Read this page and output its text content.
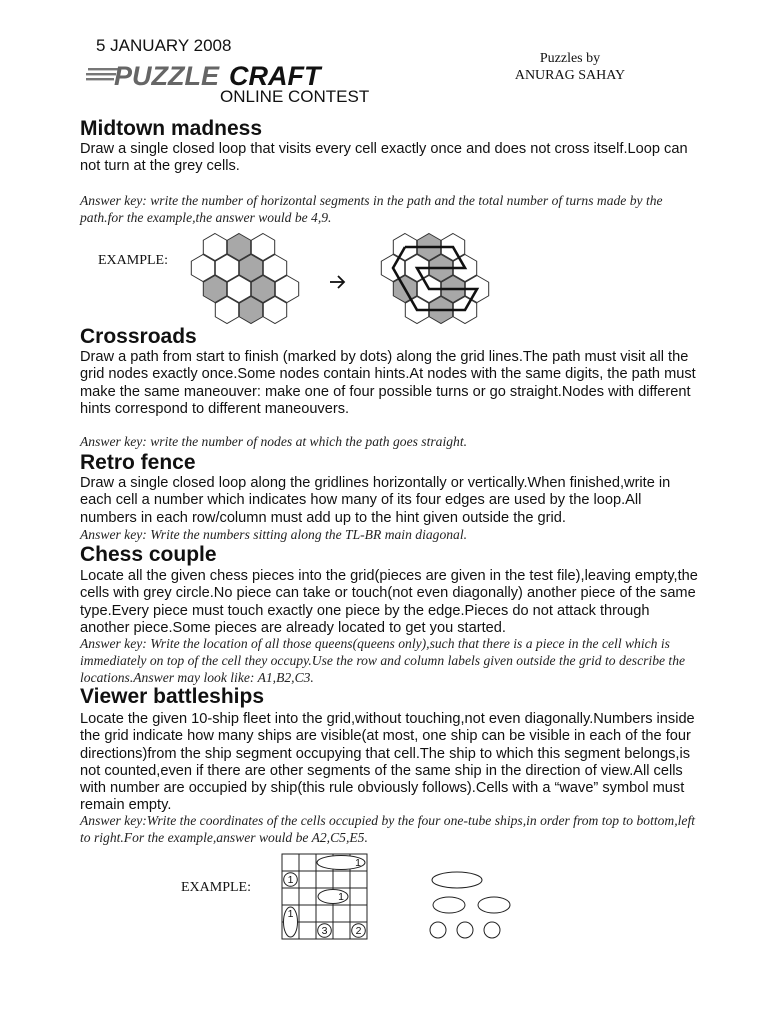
5 JANUARY 2008
PUZZLE CRAFT
ONLINE CONTEST
Puzzles by
ANURAG SAHAY
Midtown madness
Draw a single closed loop that visits every cell exactly once and does not cross itself.Loop can not turn at the grey cells.
Answer key: write the number of horizontal segments in the path and the total number of turns made by the path.for the example,the answer would be 4,9.
EXAMPLE:
Crossroads
Draw a path from start to finish (marked by dots) along the grid lines.The path must visit all the grid nodes exactly once.Some nodes contain hints.At nodes with the same digits, the path must make the same maneouver: make one of four possible turns or go straight.Nodes with different hints correspond to different maneouvers.
Answer key: write the number of nodes at which the path goes straight.
Retro fence
Draw a single closed loop along the gridlines horizontally or vertically.When finished,write in each cell a number which indicates how many of its four edges are used by the loop.All numbers in each row/column must add up to the hint given outside the grid.
Answer key: Write the numbers sitting along the TL-BR main diagonal.
Chess couple
Locate all the given chess pieces into the grid(pieces are given in the test file),leaving empty,the cells with grey circle.No piece can take or touch(not even diagonally) another piece of the same type.Every piece must touch exactly one piece by the edge.Pieces do not attack through another piece.Some pieces are already located to get you started.
Answer key: Write the location of all those queens(queens only),such that there is a piece in the cell which is immediately on top of the cell they occupy.Use the row and column labels given outside the grid to describe the locations.Answer may look like: A1,B2,C3.
Viewer battleships
Locate the given 10-ship fleet into the grid,without touching,not even diagonally.Numbers inside the grid indicate how many ships are visible(at most, one ship can be visible in each of the four directions)from the ship segment occupying that cell.The ship to which this segment belongs,is not counted,even if there are other segments of the same ship in the direction of view.All cells with number are occupied by ship(this rule obviously follows).Cells with a “wave” symbol must remain empty.
Answer key:Write the coordinates of the cells occupied by the four one-tube ships,in order from top to bottom,left to right.For the example,answer would be A2,C5,E5.
EXAMPLE:
1
1
1
1
3	2
